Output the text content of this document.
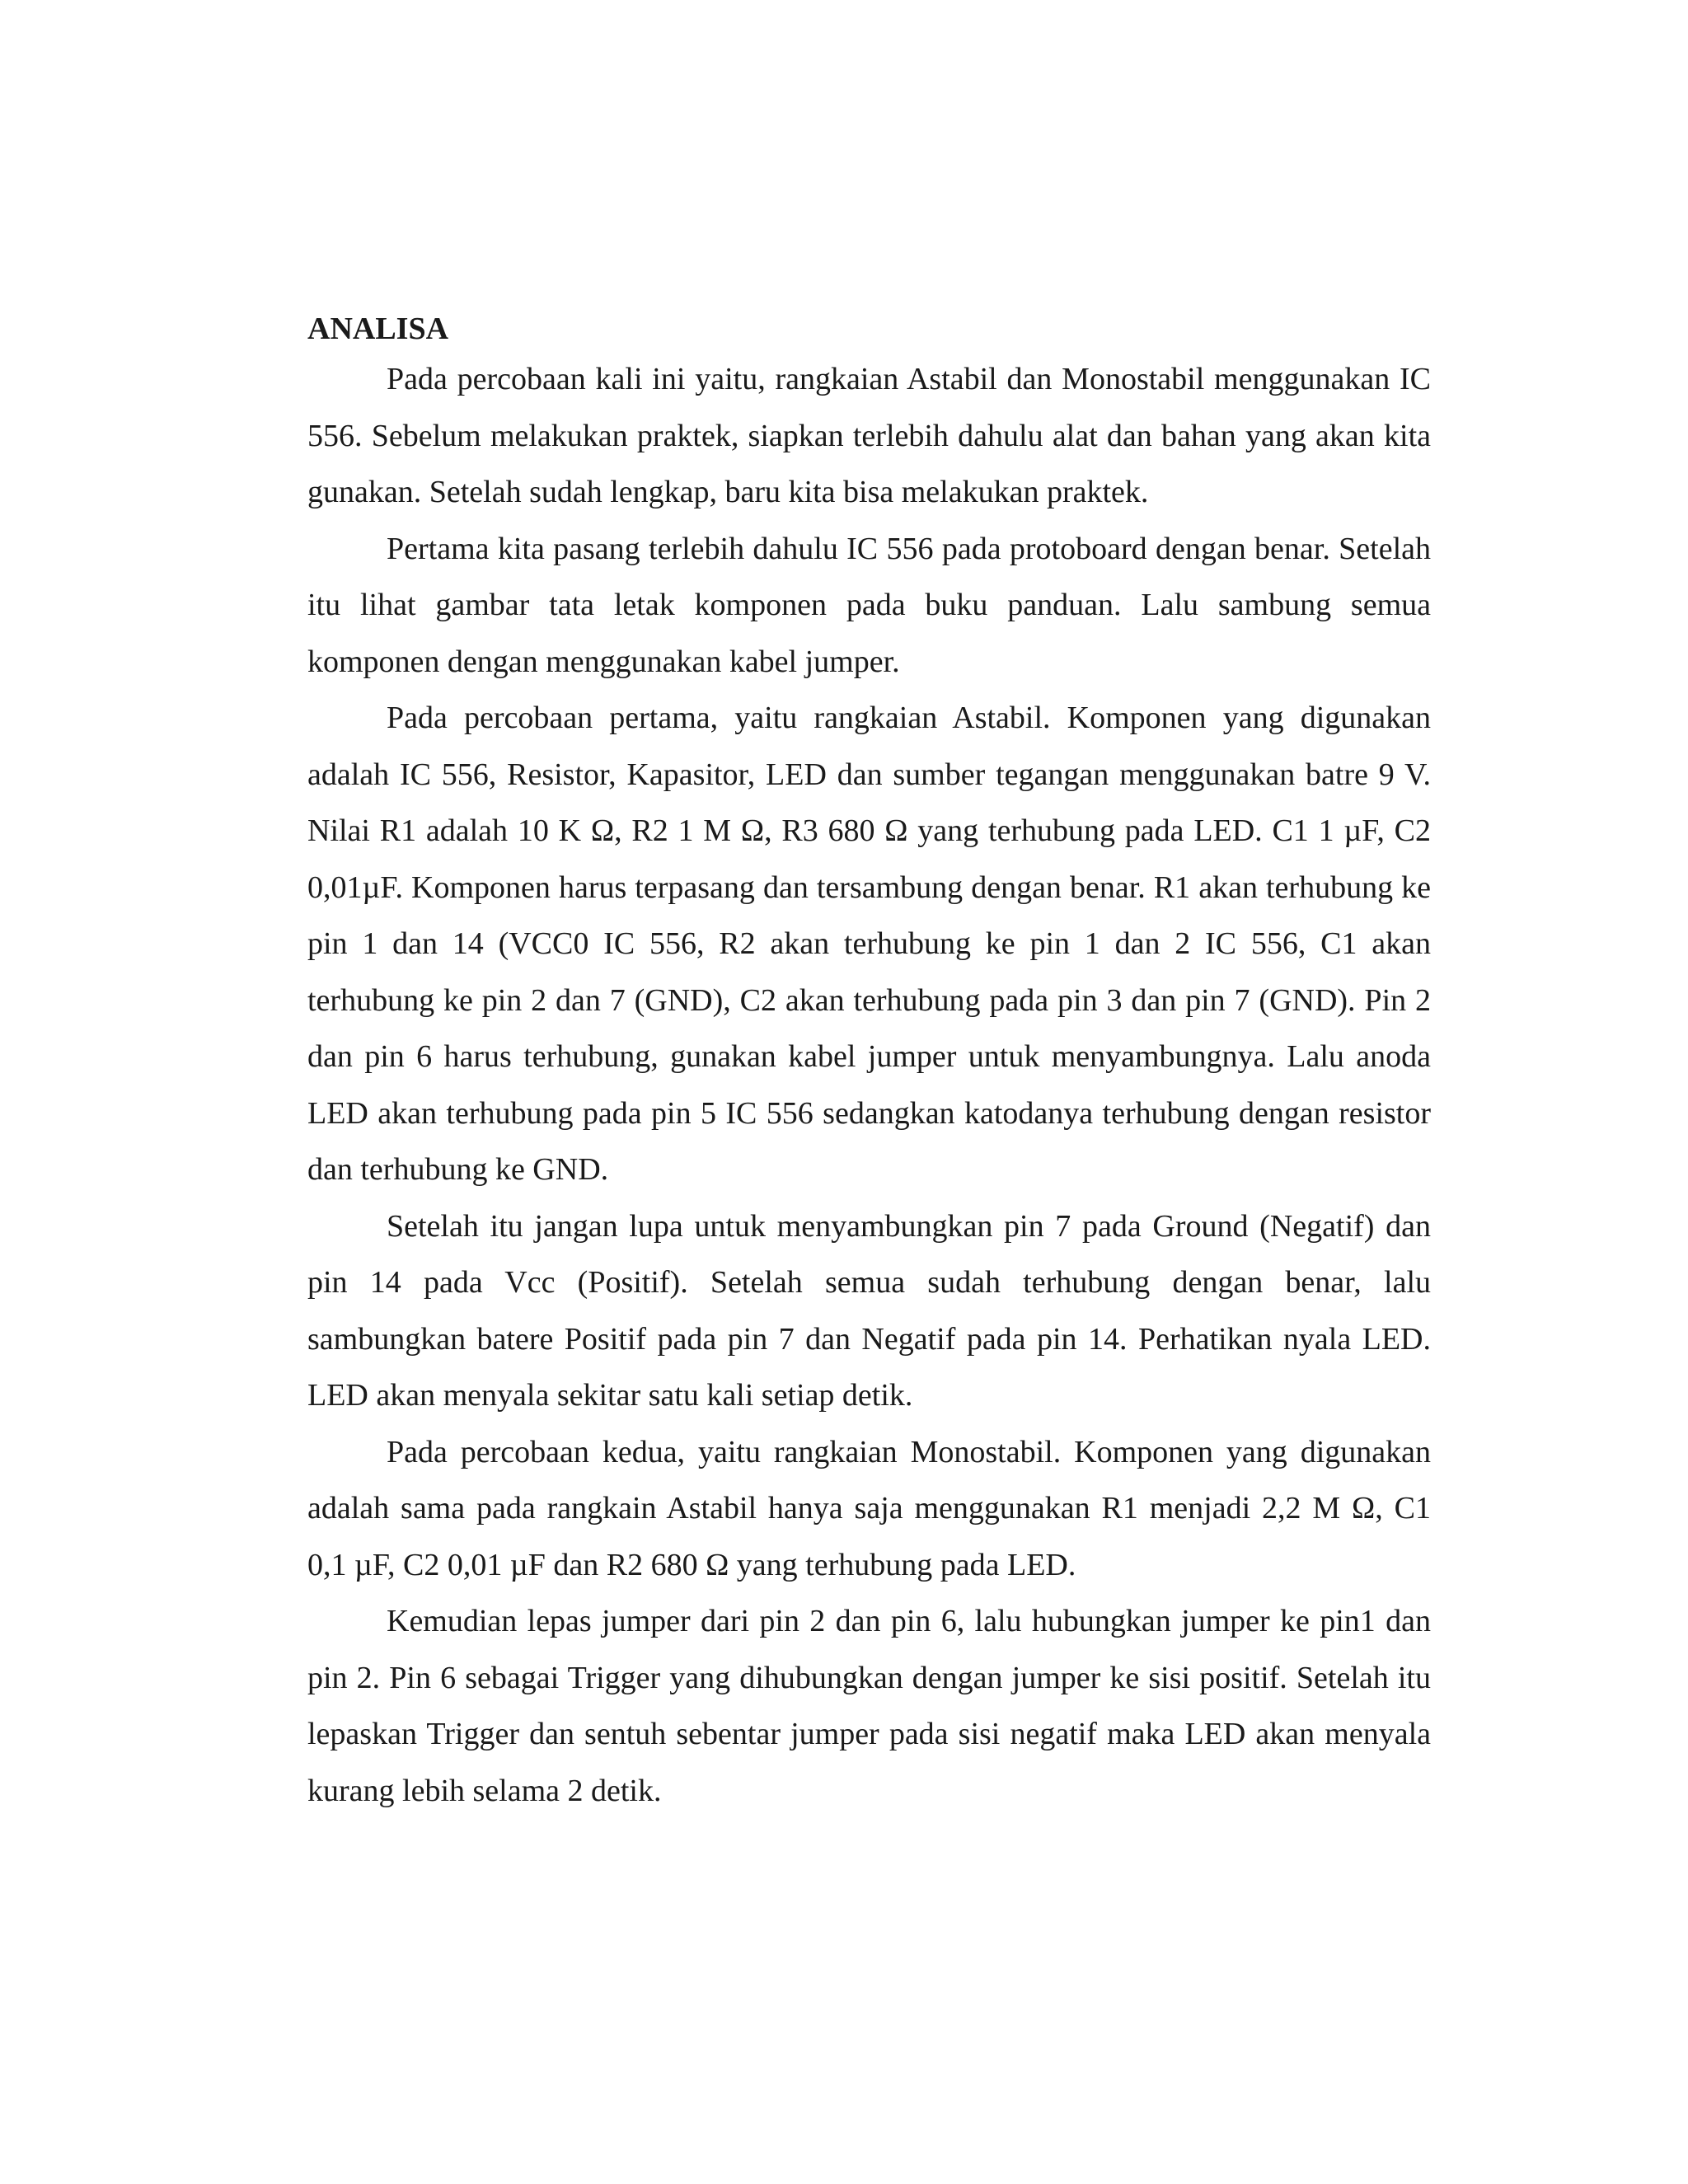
ANALISA

Pada percobaan kali ini yaitu, rangkaian Astabil dan Monostabil menggunakan IC 556. Sebelum melakukan praktek, siapkan terlebih dahulu alat dan bahan yang akan kita gunakan. Setelah sudah lengkap, baru kita bisa melakukan praktek.

Pertama kita pasang terlebih dahulu IC 556 pada protoboard dengan benar. Setelah itu lihat gambar tata letak komponen pada buku panduan. Lalu sambung semua komponen dengan menggunakan kabel jumper.

Pada percobaan pertama, yaitu rangkaian Astabil. Komponen yang digunakan adalah IC 556, Resistor, Kapasitor, LED dan sumber tegangan menggunakan batre 9 V. Nilai R1 adalah 10 K Ω, R2 1 M Ω, R3 680 Ω yang terhubung pada LED. C1 1 µF, C2 0,01µF. Komponen harus terpasang dan tersambung dengan benar. R1 akan terhubung ke pin 1 dan 14 (VCC0 IC 556, R2 akan terhubung ke pin 1 dan 2 IC 556, C1 akan terhubung ke pin 2 dan 7 (GND), C2 akan terhubung pada pin 3 dan pin 7 (GND). Pin 2 dan pin 6 harus terhubung, gunakan kabel jumper untuk menyambungnya. Lalu anoda LED akan terhubung pada pin 5 IC 556 sedangkan katodanya terhubung dengan resistor dan terhubung ke GND.

Setelah itu jangan lupa untuk menyambungkan pin 7 pada Ground (Negatif) dan pin 14 pada Vcc (Positif). Setelah semua sudah terhubung dengan benar, lalu sambungkan batere Positif pada pin 7 dan Negatif pada pin 14. Perhatikan nyala LED. LED akan menyala sekitar satu kali setiap detik.

Pada percobaan kedua, yaitu rangkaian Monostabil. Komponen yang digunakan adalah sama pada rangkain Astabil hanya saja menggunakan R1 menjadi 2,2 M Ω, C1 0,1 µF, C2 0,01 µF dan R2 680 Ω yang terhubung pada LED.

Kemudian lepas jumper dari pin 2 dan pin 6, lalu hubungkan jumper ke pin1 dan pin 2. Pin 6 sebagai Trigger yang dihubungkan dengan jumper ke sisi positif. Setelah itu lepaskan Trigger dan sentuh sebentar jumper pada sisi negatif maka LED akan menyala kurang lebih selama 2 detik.
